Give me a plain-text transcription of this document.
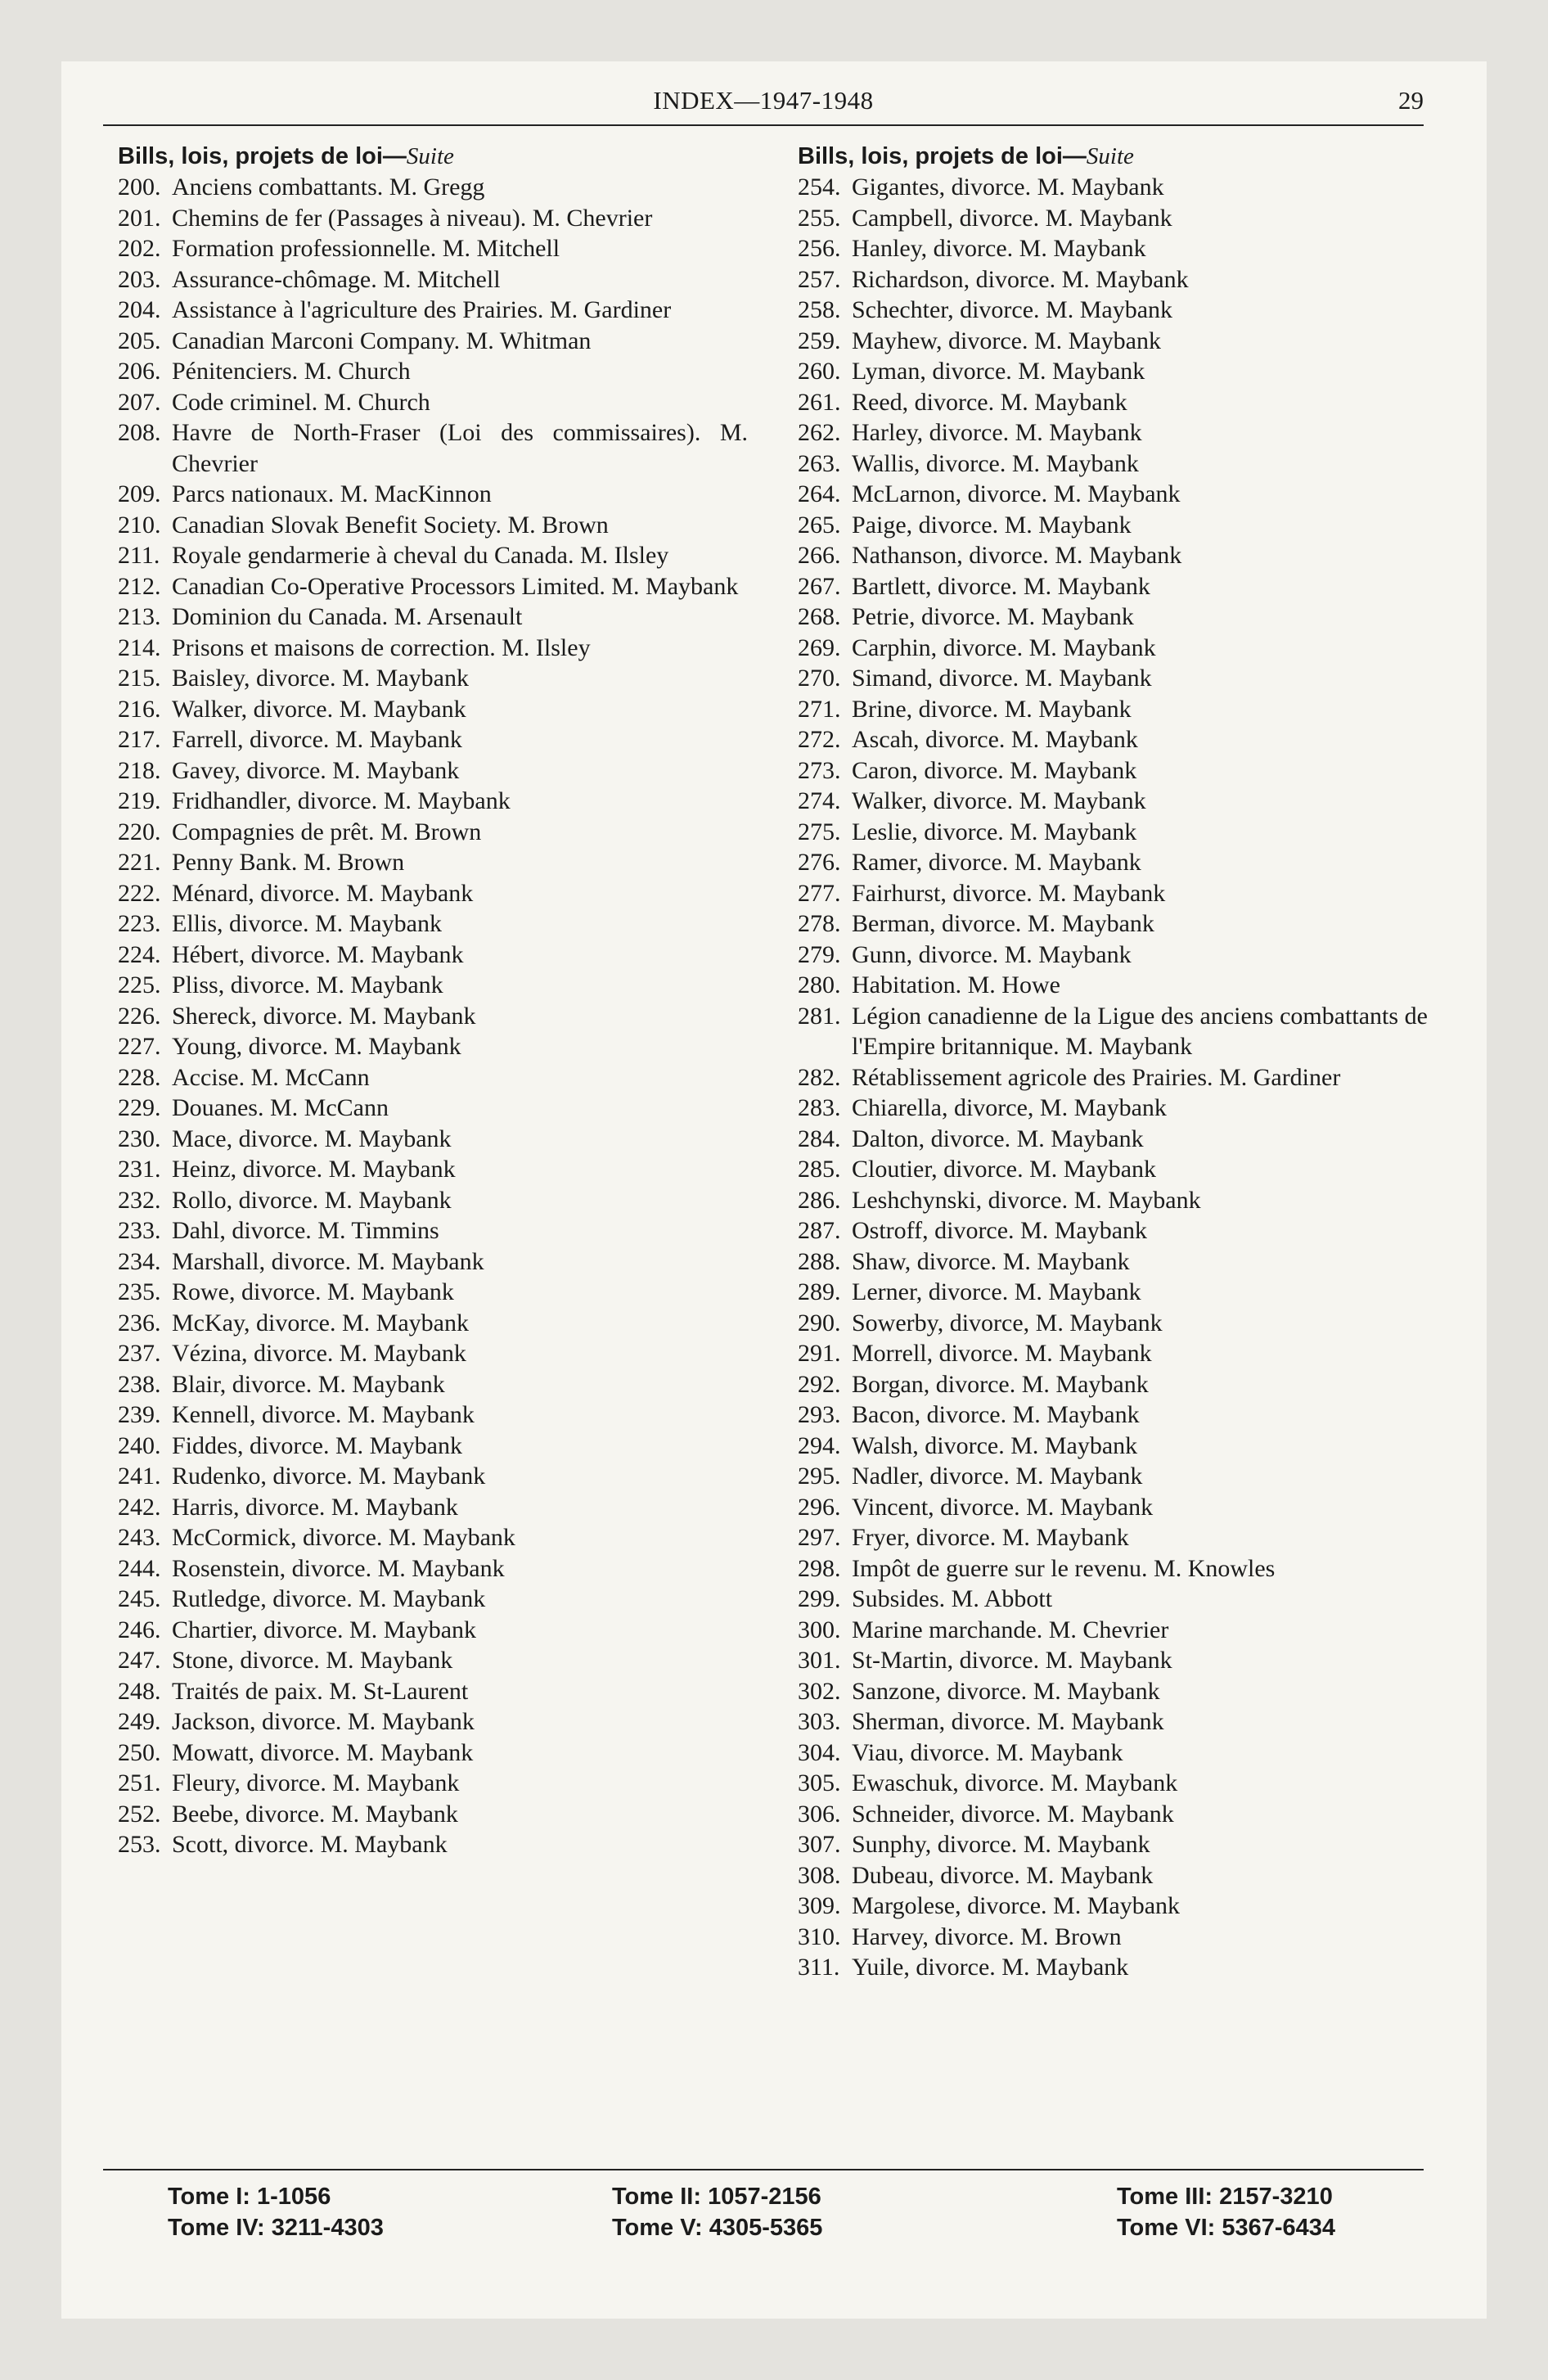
INDEX—1947-1948	29
Bills, lois, projets de loi—Suite
200. Anciens combattants. M. Gregg
201. Chemins de fer (Passages à niveau). M. Chevrier
202. Formation professionnelle. M. Mitchell
203. Assurance-chômage. M. Mitchell
204. Assistance à l'agriculture des Prairies. M. Gardiner
205. Canadian Marconi Company. M. Whitman
206. Pénitenciers. M. Church
207. Code criminel. M. Church
208. Havre de North-Fraser (Loi des commissaires). M. Chevrier
209. Parcs nationaux. M. MacKinnon
210. Canadian Slovak Benefit Society. M. Brown
211. Royale gendarmerie à cheval du Canada. M. Ilsley
212. Canadian Co-Operative Processors Limited. M. Maybank
213. Dominion du Canada. M. Arsenault
214. Prisons et maisons de correction. M. Ilsley
215. Baisley, divorce. M. Maybank
216. Walker, divorce. M. Maybank
217. Farrell, divorce. M. Maybank
218. Gavey, divorce. M. Maybank
219. Fridhandler, divorce. M. Maybank
220. Compagnies de prêt. M. Brown
221. Penny Bank. M. Brown
222. Ménard, divorce. M. Maybank
223. Ellis, divorce. M. Maybank
224. Hébert, divorce. M. Maybank
225. Pliss, divorce. M. Maybank
226. Shereck, divorce. M. Maybank
227. Young, divorce. M. Maybank
228. Accise. M. McCann
229. Douanes. M. McCann
230. Mace, divorce. M. Maybank
231. Heinz, divorce. M. Maybank
232. Rollo, divorce. M. Maybank
233. Dahl, divorce. M. Timmins
234. Marshall, divorce. M. Maybank
235. Rowe, divorce. M. Maybank
236. McKay, divorce. M. Maybank
237. Vézina, divorce. M. Maybank
238. Blair, divorce. M. Maybank
239. Kennell, divorce. M. Maybank
240. Fiddes, divorce. M. Maybank
241. Rudenko, divorce. M. Maybank
242. Harris, divorce. M. Maybank
243. McCormick, divorce. M. Maybank
244. Rosenstein, divorce. M. Maybank
245. Rutledge, divorce. M. Maybank
246. Chartier, divorce. M. Maybank
247. Stone, divorce. M. Maybank
248. Traités de paix. M. St-Laurent
249. Jackson, divorce. M. Maybank
250. Mowatt, divorce. M. Maybank
251. Fleury, divorce. M. Maybank
252. Beebe, divorce. M. Maybank
253. Scott, divorce. M. Maybank
Bills, lois, projets de loi—Suite
254. Gigantes, divorce. M. Maybank
255. Campbell, divorce. M. Maybank
256. Hanley, divorce. M. Maybank
257. Richardson, divorce. M. Maybank
258. Schechter, divorce. M. Maybank
259. Mayhew, divorce. M. Maybank
260. Lyman, divorce. M. Maybank
261. Reed, divorce. M. Maybank
262. Harley, divorce. M. Maybank
263. Wallis, divorce. M. Maybank
264. McLarnon, divorce. M. Maybank
265. Paige, divorce. M. Maybank
266. Nathanson, divorce. M. Maybank
267. Bartlett, divorce. M. Maybank
268. Petrie, divorce. M. Maybank
269. Carphin, divorce. M. Maybank
270. Simand, divorce. M. Maybank
271. Brine, divorce. M. Maybank
272. Ascah, divorce. M. Maybank
273. Caron, divorce. M. Maybank
274. Walker, divorce. M. Maybank
275. Leslie, divorce. M. Maybank
276. Ramer, divorce. M. Maybank
277. Fairhurst, divorce. M. Maybank
278. Berman, divorce. M. Maybank
279. Gunn, divorce. M. Maybank
280. Habitation. M. Howe
281. Légion canadienne de la Ligue des anciens combattants de l'Empire britannique. M. Maybank
282. Rétablissement agricole des Prairies. M. Gardiner
283. Chiarella, divorce, M. Maybank
284. Dalton, divorce. M. Maybank
285. Cloutier, divorce. M. Maybank
286. Leshchynski, divorce. M. Maybank
287. Ostroff, divorce. M. Maybank
288. Shaw, divorce. M. Maybank
289. Lerner, divorce. M. Maybank
290. Sowerby, divorce, M. Maybank
291. Morrell, divorce. M. Maybank
292. Borgan, divorce. M. Maybank
293. Bacon, divorce. M. Maybank
294. Walsh, divorce. M. Maybank
295. Nadler, divorce. M. Maybank
296. Vincent, divorce. M. Maybank
297. Fryer, divorce. M. Maybank
298. Impôt de guerre sur le revenu. M. Knowles
299. Subsides. M. Abbott
300. Marine marchande. M. Chevrier
301. St-Martin, divorce. M. Maybank
302. Sanzone, divorce. M. Maybank
303. Sherman, divorce. M. Maybank
304. Viau, divorce. M. Maybank
305. Ewaschuk, divorce. M. Maybank
306. Schneider, divorce. M. Maybank
307. Sunphy, divorce. M. Maybank
308. Dubeau, divorce. M. Maybank
309. Margolese, divorce. M. Maybank
310. Harvey, divorce. M. Brown
311. Yuile, divorce. M. Maybank
Tome I: 1-1056	Tome II: 1057-2156	Tome III: 2157-3210
Tome IV: 3211-4303	Tome V: 4305-5365	Tome VI: 5367-6434
